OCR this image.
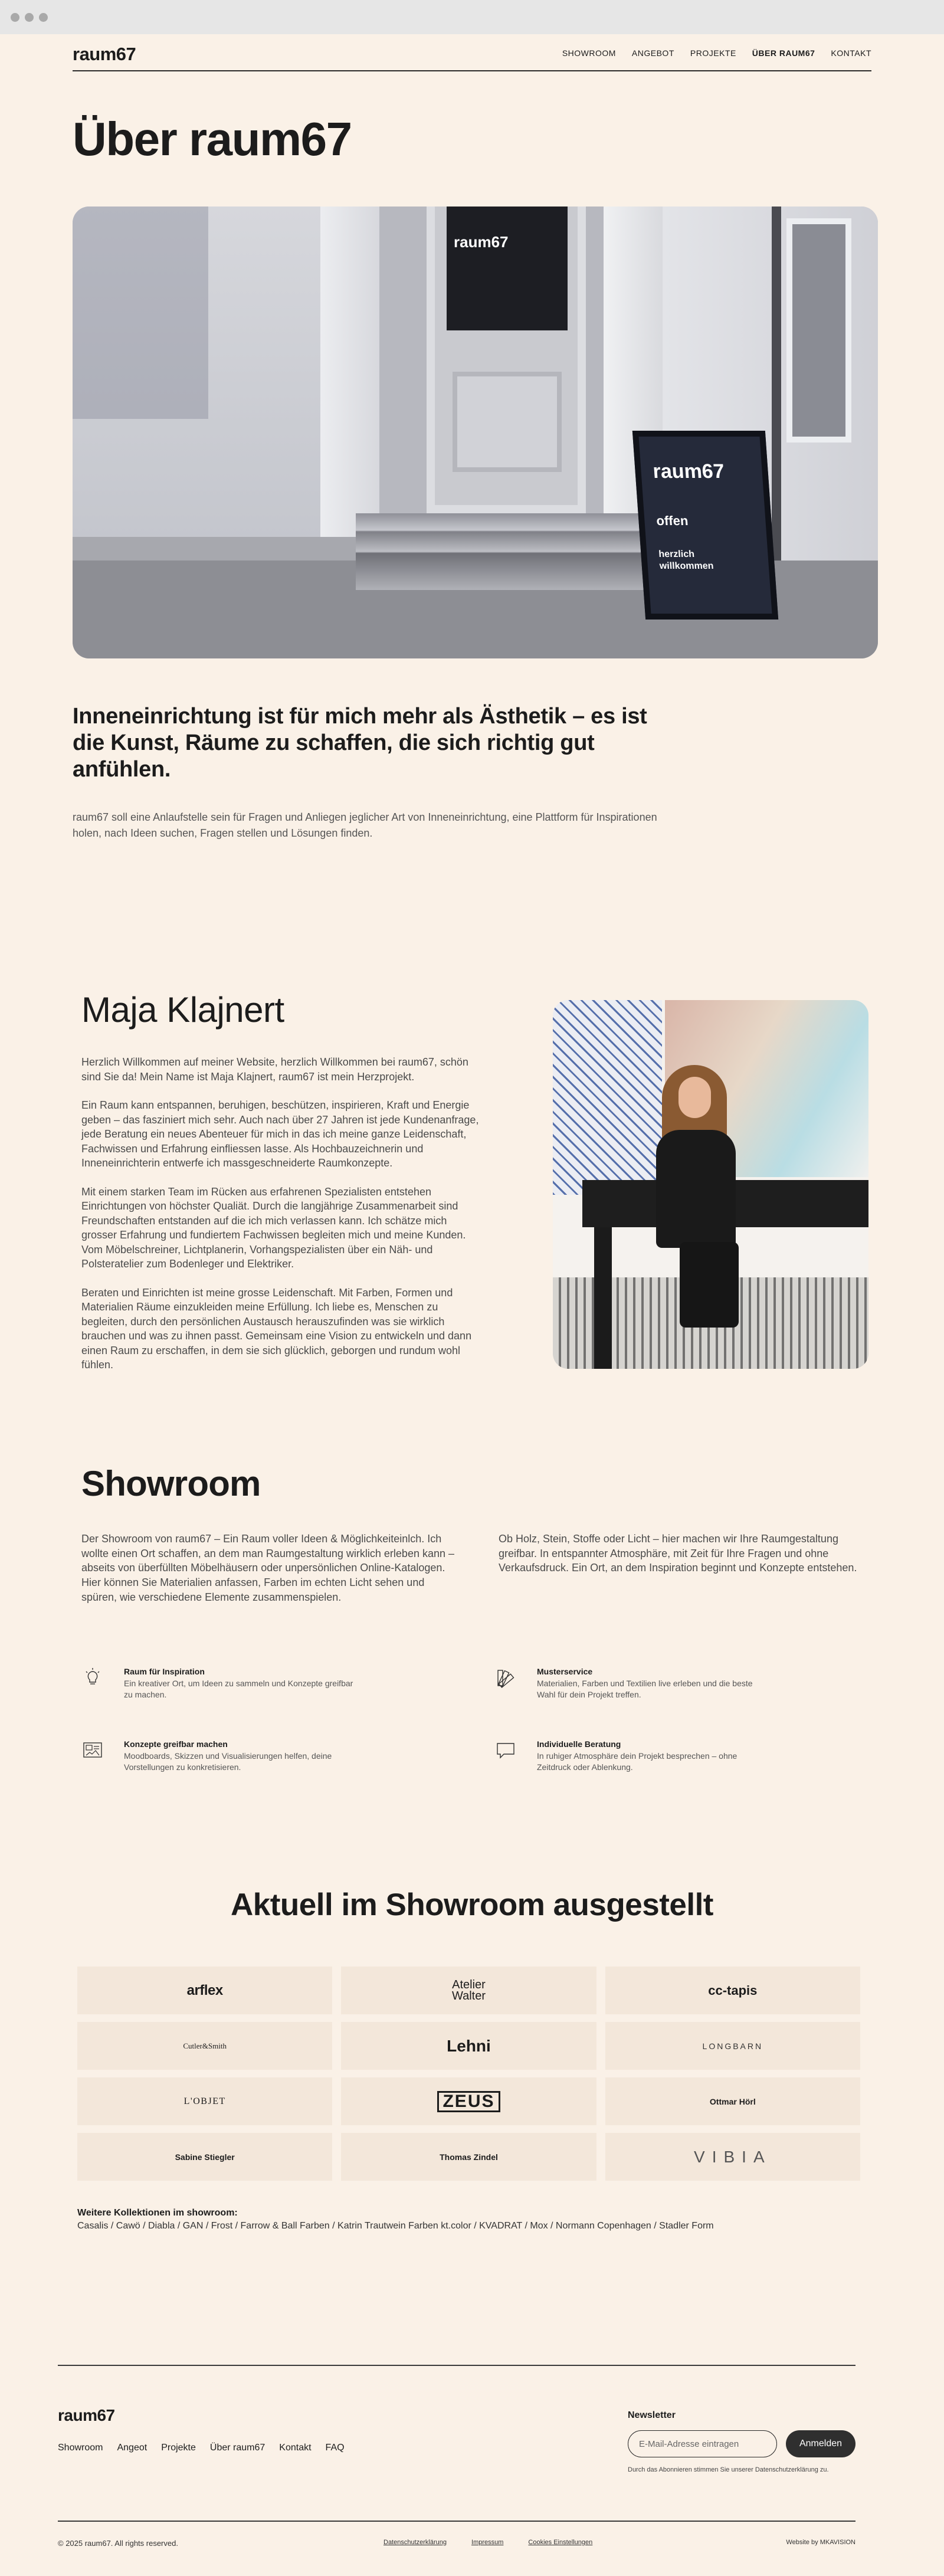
raum67	SHOWROOM ANGEBOT PROJEKTE ÜBER RAUM67 KONTAKT
Über raum67
raum67
raum67
offen
herzlich willkommen
Inneneinrichtung ist für mich mehr als Ästhetik – es ist die Kunst, Räume zu schaffen, die sich richtig gut anfühlen.

raum67 soll eine Anlaufstelle sein für Fragen und Anliegen jeglicher Art von Inneneinrichtung, eine Plattform für Inspirationen holen, nach Ideen suchen, Fragen stellen und Lösungen finden.

Maja Klajnert

Herzlich Willkommen auf meiner Website, herzlich Willkommen bei raum67, schön sind Sie da! Mein Name ist Maja Klajnert, raum67 ist mein Herzprojekt.

Ein Raum kann entspannen, beruhigen, beschützen, inspirieren, Kraft und Energie geben – das fasziniert mich sehr. Auch nach über 27 Jahren ist jede Kundenanfrage, jede Beratung ein neues Abenteuer für mich in das ich meine ganze Leidenschaft, Fachwissen und Erfahrung einfliessen lasse. Als Hochbauzeichnerin und Inneneinrichterin entwerfe ich massgeschneiderte Raumkonzepte.

Mit einem starken Team im Rücken aus erfahrenen Spezialisten entstehen Einrichtungen von höchster Qualiät. Durch die langjährige Zusammenarbeit sind Freundschaften entstanden auf die ich mich verlassen kann. Ich schätze mich grosser Erfahrung und fundiertem Fachwissen begleiten mich und meine Kunden. Vom Möbelschreiner, Lichtplanerin, Vorhangspezialisten über ein Näh- und Polsteratelier zum Bodenleger und Elektriker.

Beraten und Einrichten ist meine grosse Leidenschaft. Mit Farben, Formen und Materialien Räume einzukleiden meine Erfüllung. Ich liebe es, Menschen zu begleiten, durch den persönlichen Austausch herauszufinden was sie wirklich brauchen und was zu ihnen passt. Gemeinsam eine Vision zu entwickeln und dann einen Raum zu erschaffen, in dem sie sich glücklich, geborgen und rundum wohl fühlen.

Showroom

Der Showroom von raum67 – Ein Raum voller Ideen & Möglichkeiteinlch. Ich wollte einen Ort schaffen, an dem man Raumgestaltung wirklich erleben kann – abseits von überfüllten Möbelhäusern oder unpersönlichen Online-Katalogen. Hier können Sie Materialien anfassen, Farben im echten Licht sehen und spüren, wie verschiedene Elemente zusammenspielen.

Ob Holz, Stein, Stoffe oder Licht – hier machen wir Ihre Raumgestaltung greifbar. In entspannter Atmosphäre, mit Zeit für Ihre Fragen und ohne Verkaufsdruck. Ein Ort, an dem Inspiration beginnt und Konzepte entstehen.

Raum für Inspiration
Ein kreativer Ort, um Ideen zu sammeln und Konzepte greifbar zu machen.
Musterservice
Materialien, Farben und Textilien live erleben und die beste Wahl für dein Projekt treffen.
Konzepte greifbar machen
Moodboards, Skizzen und Visualisierungen helfen, deine Vorstellungen zu konkretisieren.
Individuelle Beratung
In ruhiger Atmosphäre dein Projekt besprechen – ohne Zeitdruck oder Ablenkung.
Aktuell im Showroom ausgestellt
arflex	Atelier Walter	cc-tapis
Cutler&Smith	Lehni	LONGBARN
L'OBJET	ZEUS	Ottmar Hörl
Sabine Stiegler	Thomas Zindel	VIBIA
Weitere Kollektionen im showroom:
Casalis / Cawö / Diabla / GAN / Frost / Farrow & Ball Farben / Katrin Trautwein Farben kt.color / KVADRAT / Mox / Normann Copenhagen / Stadler Form
raum67
Showroom Angeot Projekte Über raum67 Kontakt FAQ
Newsletter
E-Mail-Adresse eintragen
Anmelden
Durch das Abonnieren stimmen Sie unserer Datenschutzerklärung zu.
© 2025 raum67. All rights reserved.	Datenschutzerklärung	Impressum	Cookies Einstellungen	Website by MKAVISION
